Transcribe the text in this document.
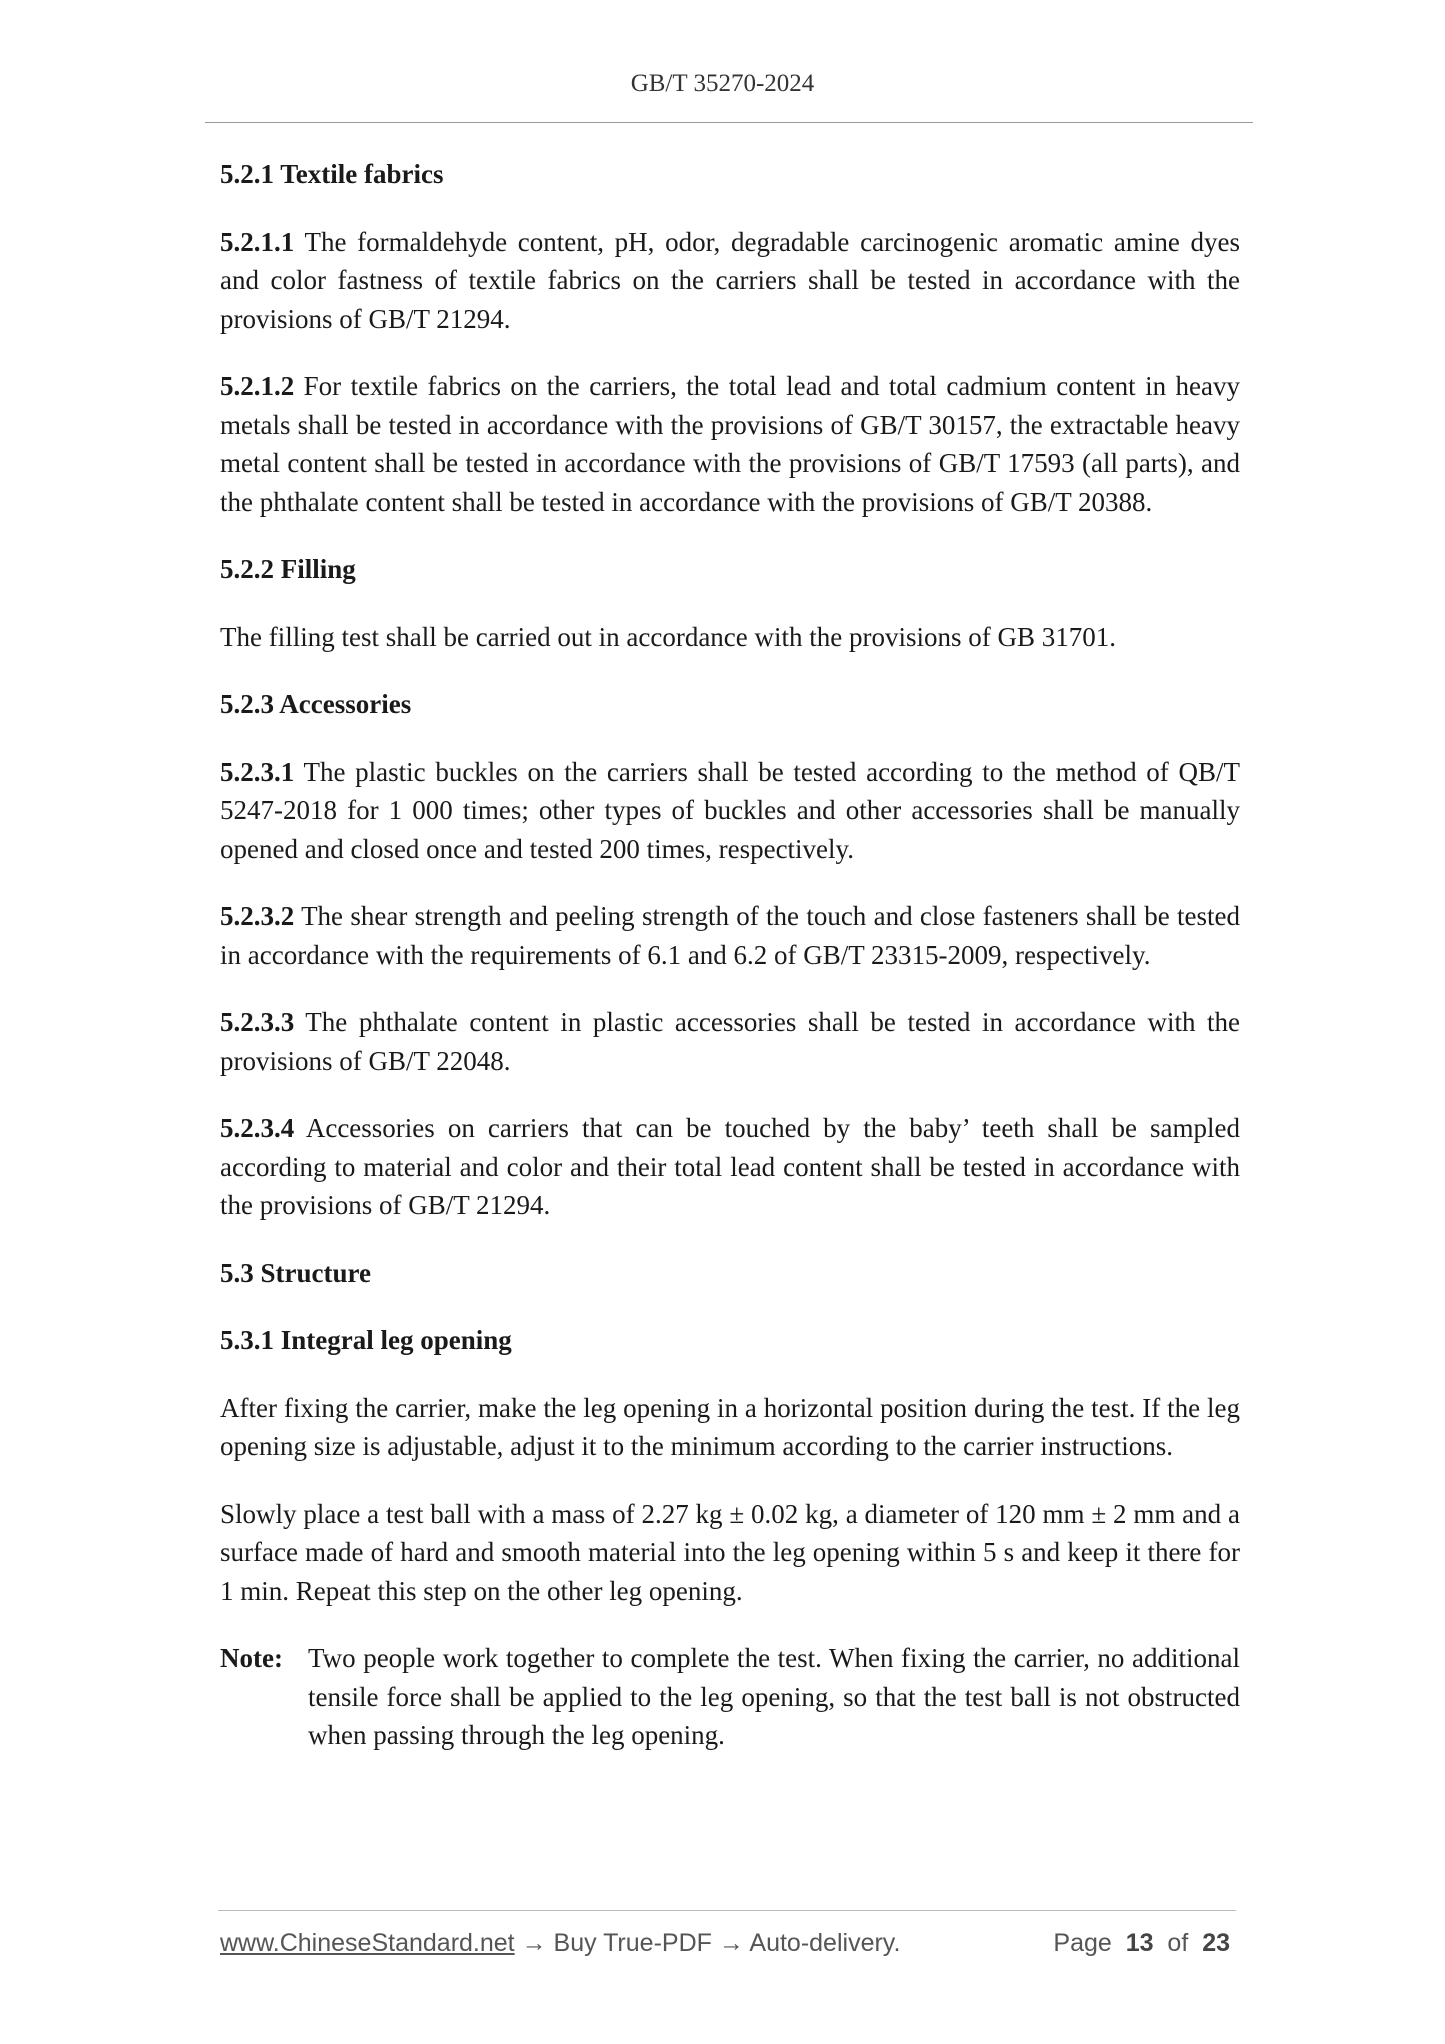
GB/T 35270-2024
5.2.1 Textile fabrics

5.2.1.1 The formaldehyde content, pH, odor, degradable carcinogenic aromatic amine dyes and color fastness of textile fabrics on the carriers shall be tested in accordance with the provisions of GB/T 21294.

5.2.1.2 For textile fabrics on the carriers, the total lead and total cadmium content in heavy metals shall be tested in accordance with the provisions of GB/T 30157, the extractable heavy metal content shall be tested in accordance with the provisions of GB/T 17593 (all parts), and the phthalate content shall be tested in accordance with the provisions of GB/T 20388.

5.2.2 Filling

The filling test shall be carried out in accordance with the provisions of GB 31701.

5.2.3 Accessories

5.2.3.1 The plastic buckles on the carriers shall be tested according to the method of QB/T 5247-2018 for 1 000 times; other types of buckles and other accessories shall be manually opened and closed once and tested 200 times, respectively.

5.2.3.2 The shear strength and peeling strength of the touch and close fasteners shall be tested in accordance with the requirements of 6.1 and 6.2 of GB/T 23315-2009, respectively.

5.2.3.3 The phthalate content in plastic accessories shall be tested in accordance with the provisions of GB/T 22048.

5.2.3.4 Accessories on carriers that can be touched by the baby’ teeth shall be sampled according to material and color and their total lead content shall be tested in accordance with the provisions of GB/T 21294.

5.3 Structure
5.3.1 Integral leg opening

After fixing the carrier, make the leg opening in a horizontal position during the test. If the leg opening size is adjustable, adjust it to the minimum according to the carrier instructions.

Slowly place a test ball with a mass of 2.27 kg ± 0.02 kg, a diameter of 120 mm ± 2 mm and a surface made of hard and smooth material into the leg opening within 5 s and keep it there for 1 min. Repeat this step on the other leg opening.

Note: Two people work together to complete the test. When fixing the carrier, no additional tensile force shall be applied to the leg opening, so that the test ball is not obstructed when passing through the leg opening.
www.ChineseStandard.net → Buy True-PDF → Auto-delivery.	Page 13 of 23
